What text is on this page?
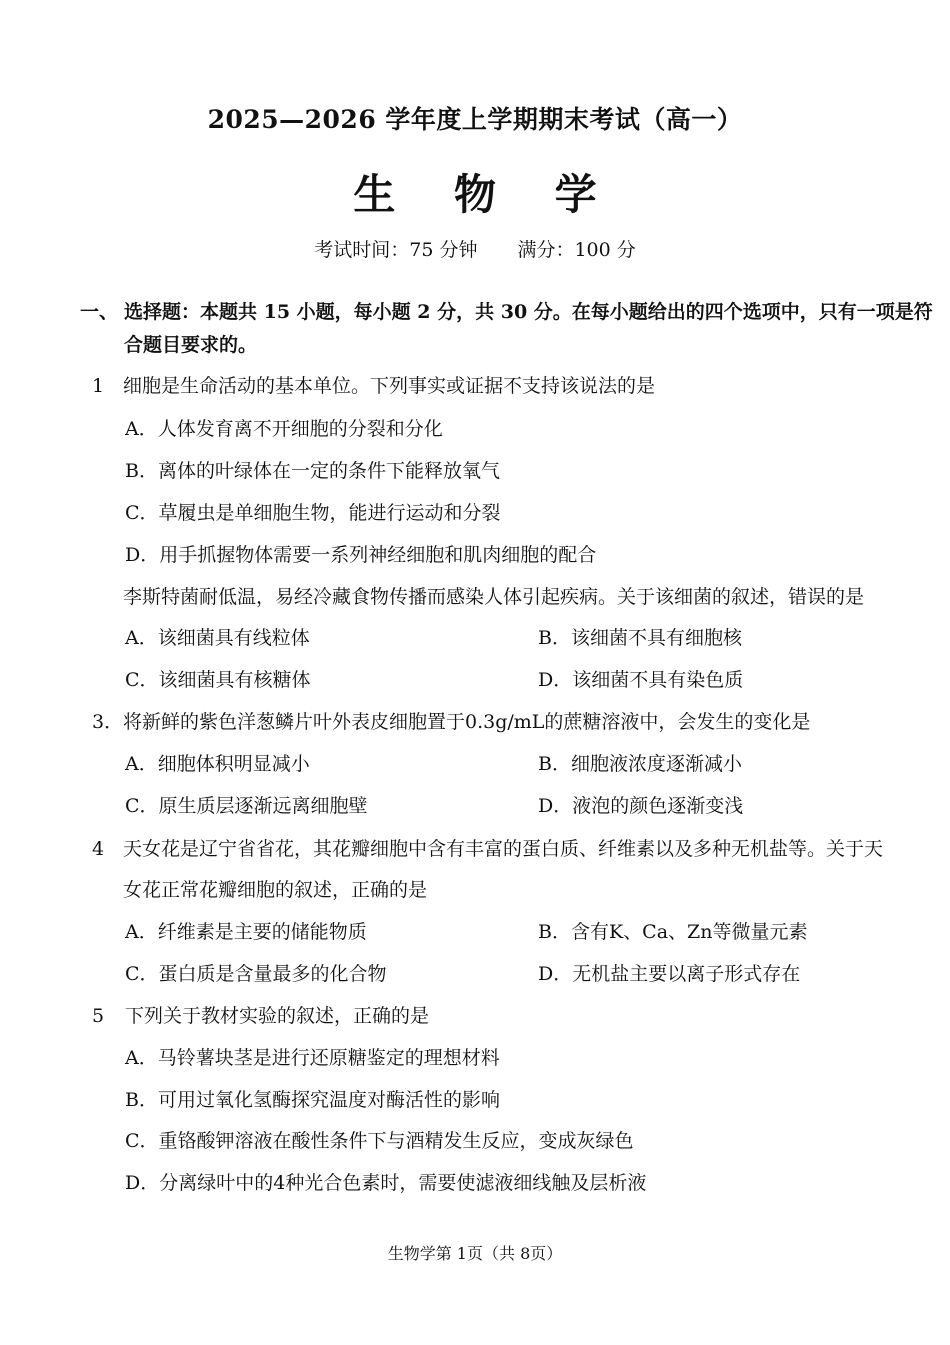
2025—2026 学年度上学期期末考试（高一）
生 物 学
考试时间：75 分钟 满分：100 分
一、 选择题：本题共 15 小题，每小题 2 分，共 30 分。在每小题给出的四个选项中，只有一项是符合题目要求的。
1 细胞是生命活动的基本单位。下列事实或证据不支持该说法的是
A．人体发育离不开细胞的分裂和分化
B．离体的叶绿体在一定的条件下能释放氧气
C．草履虫是单细胞生物，能进行运动和分裂
D．用手抓握物体需要一系列神经细胞和肌肉细胞的配合
李斯特菌耐低温，易经冷藏食物传播而感染人体引起疾病。关于该细菌的叙述，错误的是
A．该细菌具有线粒体	B．该细菌不具有细胞核
C．该细菌具有核糖体	D．该细菌不具有染色质
3． 将新鲜的紫色洋葱鳞片叶外表皮细胞置于0.3g/mL的蔗糖溶液中，会发生的变化是
A．细胞体积明显减小	B．细胞液浓度逐渐减小
C．原生质层逐渐远离细胞壁	D．液泡的颜色逐渐变浅
4 天女花是辽宁省省花，其花瓣细胞中含有丰富的蛋白质、纤维素以及多种无机盐等。关于天
女花正常花瓣细胞的叙述，正确的是
A．纤维素是主要的储能物质	B．含有K、Ca、Zn等微量元素
C．蛋白质是含量最多的化合物	D．无机盐主要以离子形式存在
5 下列关于教材实验的叙述，正确的是
A．马铃薯块茎是进行还原糖鉴定的理想材料
B．可用过氧化氢酶探究温度对酶活性的影响
C．重铬酸钾溶液在酸性条件下与酒精发生反应，变成灰绿色
D．分离绿叶中的4种光合色素时，需要使滤液细线触及层析液
生物学第 1页（共 8页）
